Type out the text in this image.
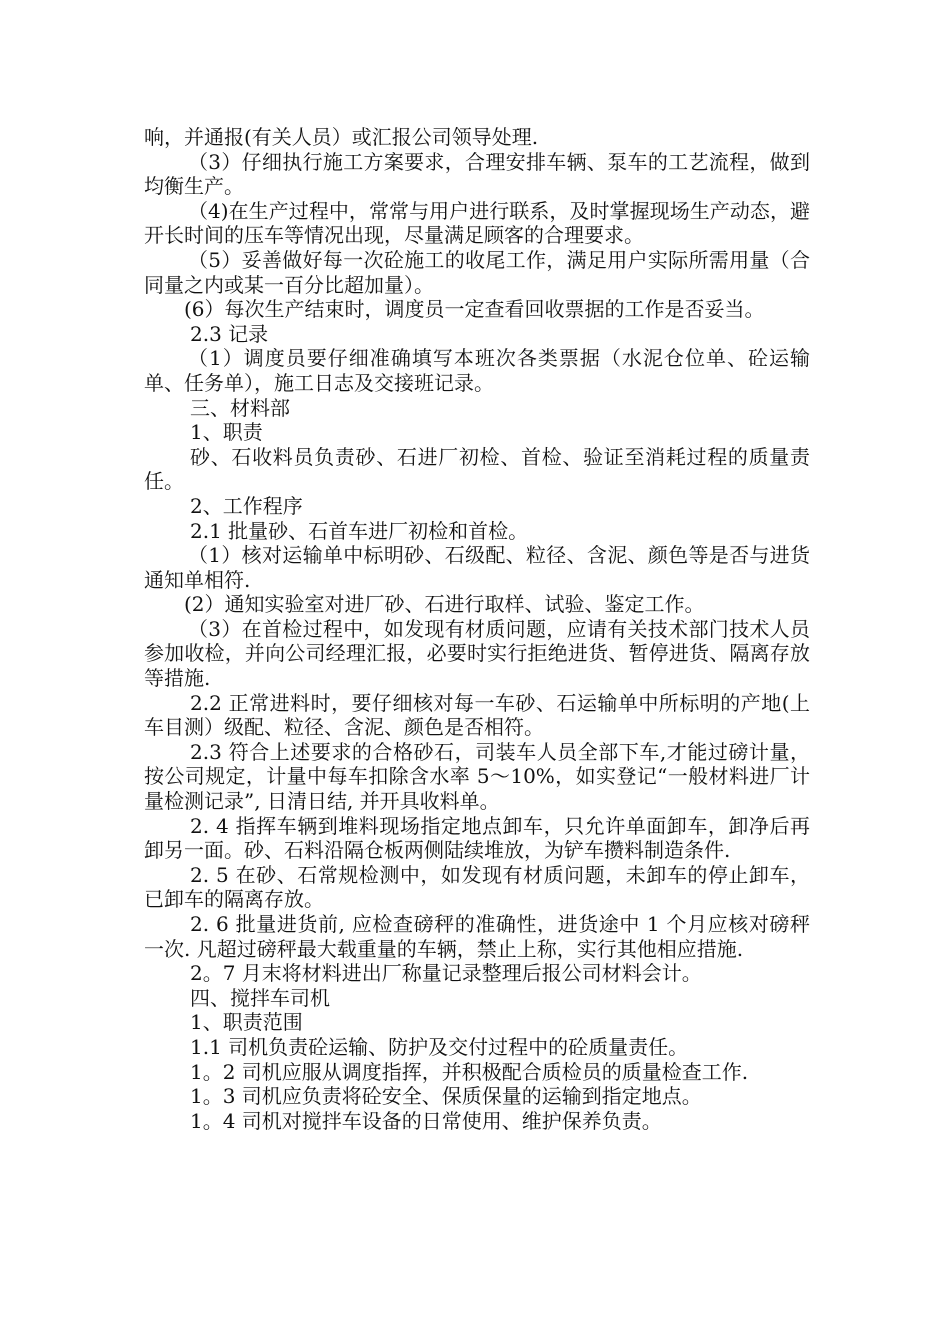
响，并通报(有关人员）或汇报公司领导处理.

（3）仔细执行施工方案要求，合理安排车辆、泵车的工艺流程，做到均衡生产。

（4)在生产过程中，常常与用户进行联系，及时掌握现场生产动态，避开长时间的压车等情况出现，尽量满足顾客的合理要求。

（5）妥善做好每一次砼施工的收尾工作，满足用户实际所需用量（合同量之内或某一百分比超加量）。

(6）每次生产结束时，调度员一定查看回收票据的工作是否妥当。

2.3 记录

（1）调度员要仔细准确填写本班次各类票据（水泥仓位单、砼运输单、任务单），施工日志及交接班记录。

三、材料部

1、职责

砂、石收料员负责砂、石进厂初检、首检、验证至消耗过程的质量责任。

2、工作程序

2.1 批量砂、石首车进厂初检和首检。

（1）核对运输单中标明砂、石级配、粒径、含泥、颜色等是否与进货通知单相符.

(2）通知实验室对进厂砂、石进行取样、试验、鉴定工作。

（3）在首检过程中，如发现有材质问题，应请有关技术部门技术人员参加收检，并向公司经理汇报，必要时实行拒绝进货、暂停进货、隔离存放等措施.

2.2 正常进料时，要仔细核对每一车砂、石运输单中所标明的产地(上车目测）级配、粒径、含泥、颜色是否相符。

2.3 符合上述要求的合格砂石，司装车人员全部下车,才能过磅计量，按公司规定，计量中每车扣除含水率 5～10%，如实登记“一般材料进厂计量检测记录”, 日清日结, 并开具收料单。

2. 4 指挥车辆到堆料现场指定地点卸车，只允许单面卸车，卸净后再卸另一面。砂、石料沿隔仓板两侧陆续堆放，为铲车攒料制造条件.

2. 5 在砂、石常规检测中，如发现有材质问题，未卸车的停止卸车，已卸车的隔离存放。

2. 6 批量进货前, 应检查磅秤的准确性，进货途中 1 个月应核对磅秤一次. 凡超过磅秤最大载重量的车辆，禁止上称，实行其他相应措施.

2。7 月末将材料进出厂称量记录整理后报公司材料会计。

四、搅拌车司机

1、职责范围

1.1 司机负责砼运输、防护及交付过程中的砼质量责任。

1。2 司机应服从调度指挥，并积极配合质检员的质量检查工作.

1。3 司机应负责将砼安全、保质保量的运输到指定地点。

1。4 司机对搅拌车设备的日常使用、维护保养负责。
